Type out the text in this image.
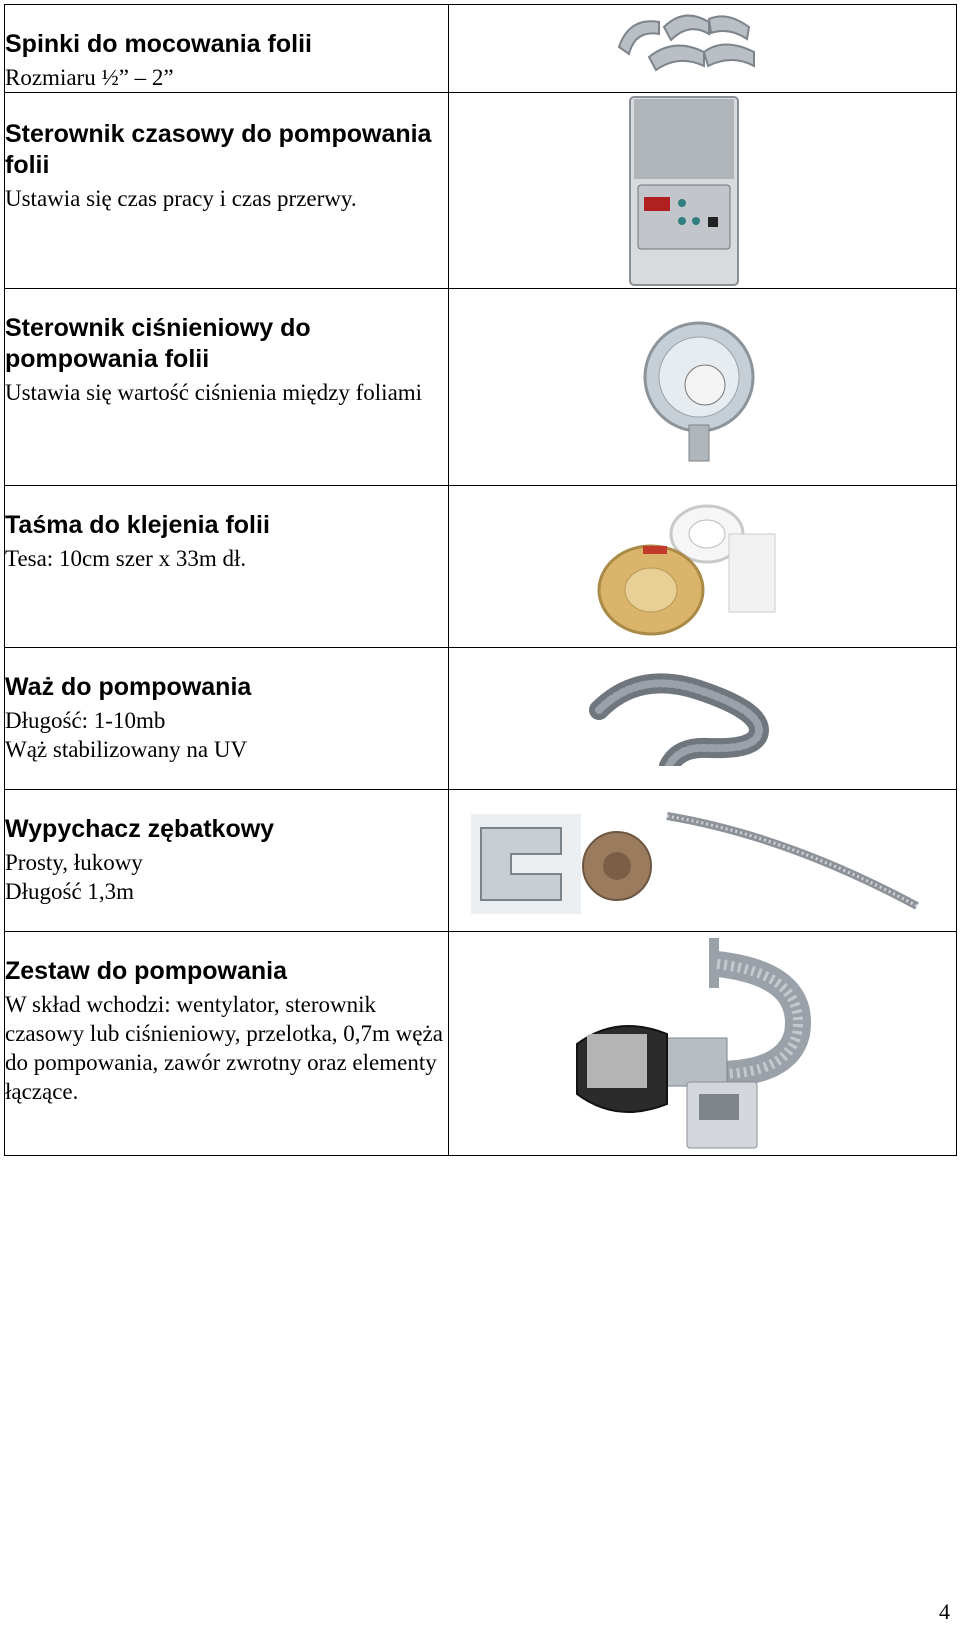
Spinki do mocowania folii

Rozmiaru ½” – 2”

Sterownik czasowy do pompowania folii

Ustawia się czas pracy i czas przerwy.

Sterownik ciśnieniowy do pompowania folii

Ustawia się wartość ciśnienia między foliami

Taśma do klejenia folii

Tesa: 10cm szer x 33m dł.

Waż do pompowania

Długość: 1-10mb
Wąż stabilizowany na UV

Wypychacz zębatkowy

Prosty, łukowy
Długość 1,3m

Zestaw do pompowania

W skład wchodzi: wentylator, sterownik czasowy lub ciśnieniowy, przelotka, 0,7m węża do pompowania, zawór zwrotny oraz elementy łączące.

4
